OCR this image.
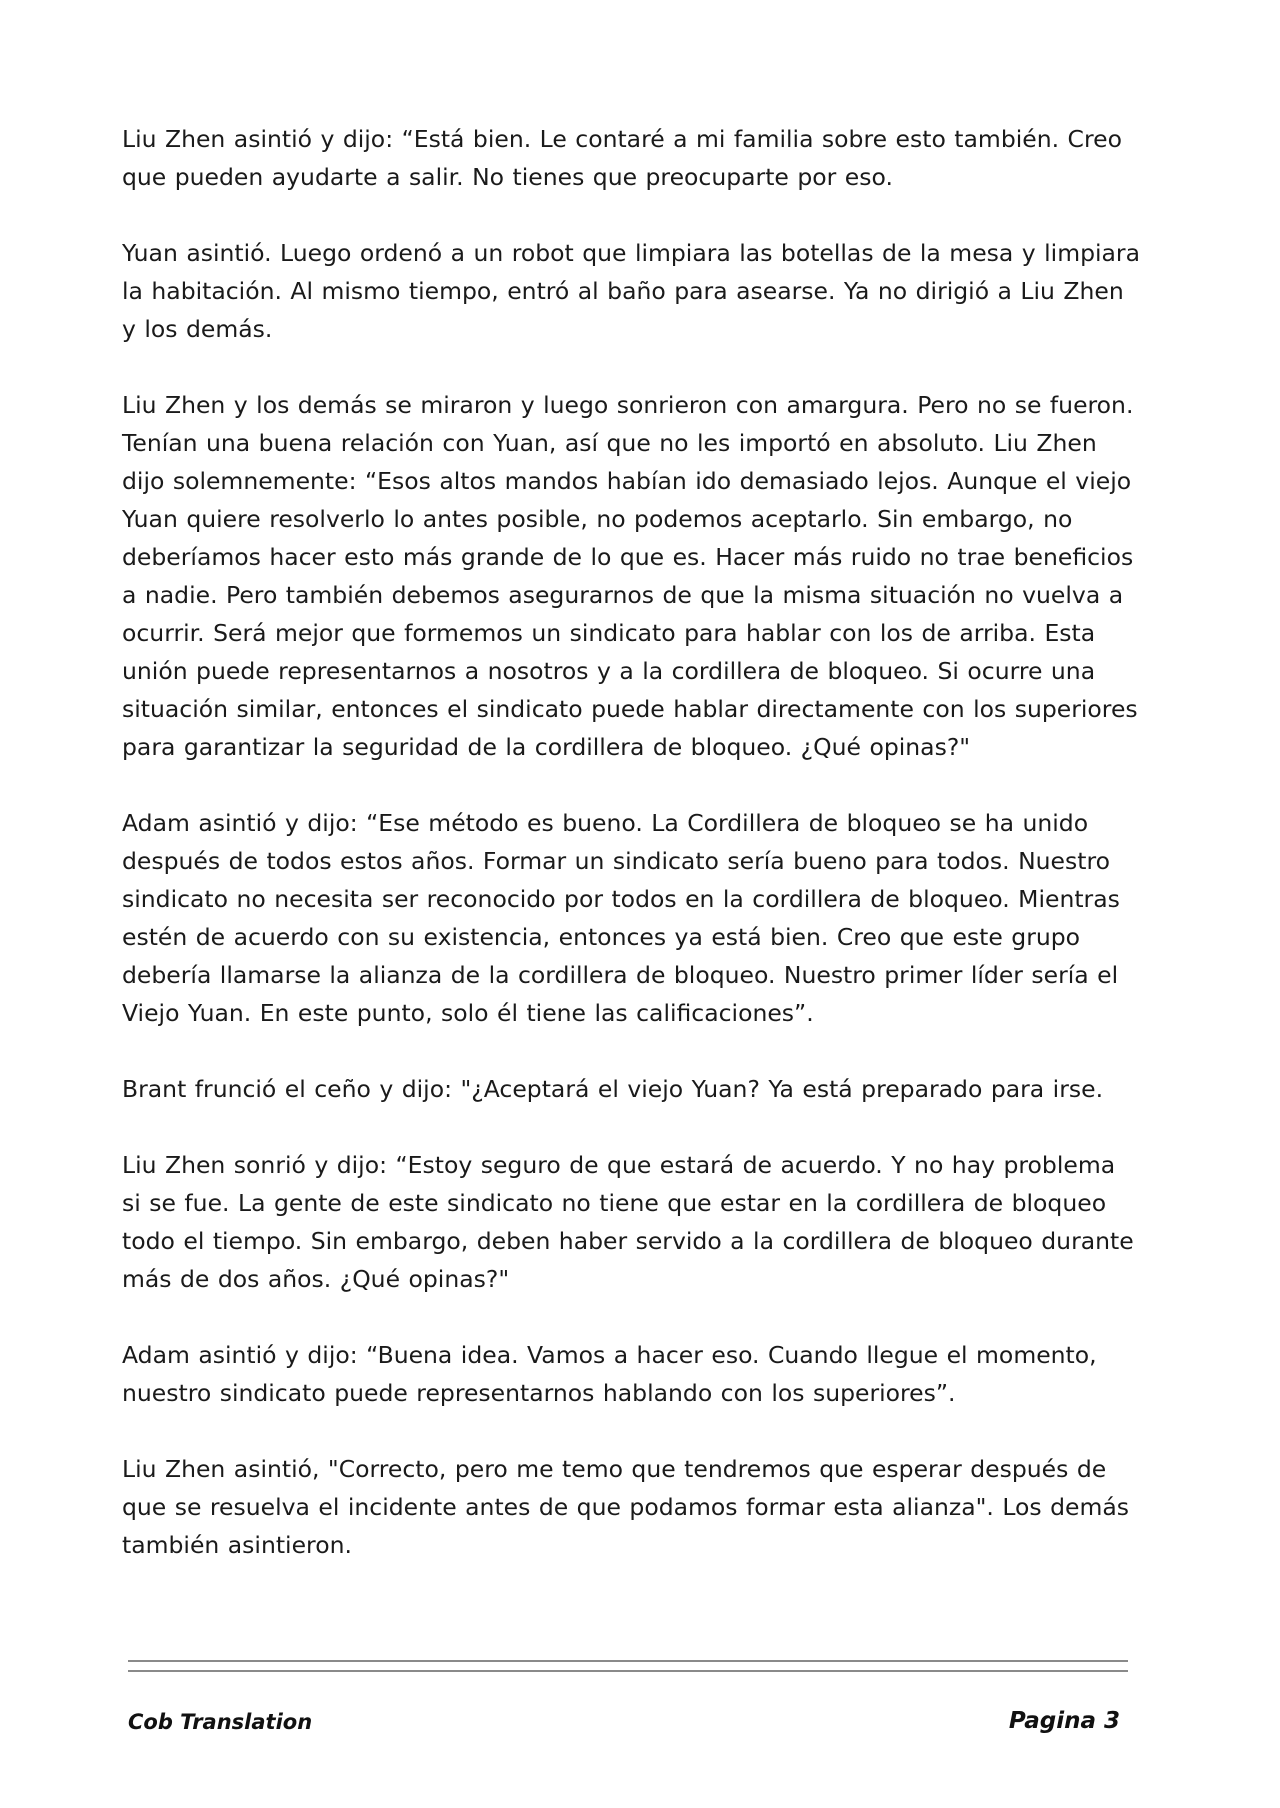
Liu Zhen asintió y dijo: “Está bien. Le contaré a mi familia sobre esto también. Creo que pueden ayudarte a salir. No tienes que preocuparte por eso.

Yuan asintió. Luego ordenó a un robot que limpiara las botellas de la mesa y limpiara la habitación. Al mismo tiempo, entró al baño para asearse. Ya no dirigió a Liu Zhen y los demás.

Liu Zhen y los demás se miraron y luego sonrieron con amargura. Pero no se fueron. Tenían una buena relación con Yuan, así que no les importó en absoluto. Liu Zhen dijo solemnemente: “Esos altos mandos habían ido demasiado lejos. Aunque el viejo Yuan quiere resolverlo lo antes posible, no podemos aceptarlo. Sin embargo, no deberíamos hacer esto más grande de lo que es. Hacer más ruido no trae beneficios a nadie. Pero también debemos asegurarnos de que la misma situación no vuelva a ocurrir. Será mejor que formemos un sindicato para hablar con los de arriba. Esta unión puede representarnos a nosotros y a la cordillera de bloqueo. Si ocurre una situación similar, entonces el sindicato puede hablar directamente con los superiores para garantizar la seguridad de la cordillera de bloqueo. ¿Qué opinas?"

Adam asintió y dijo: “Ese método es bueno. La Cordillera de bloqueo se ha unido después de todos estos años. Formar un sindicato sería bueno para todos. Nuestro sindicato no necesita ser reconocido por todos en la cordillera de bloqueo. Mientras estén de acuerdo con su existencia, entonces ya está bien. Creo que este grupo debería llamarse la alianza de la cordillera de bloqueo. Nuestro primer líder sería el Viejo Yuan. En este punto, solo él tiene las calificaciones”.

Brant frunció el ceño y dijo: "¿Aceptará el viejo Yuan? Ya está preparado para irse.

Liu Zhen sonrió y dijo: “Estoy seguro de que estará de acuerdo. Y no hay problema si se fue. La gente de este sindicato no tiene que estar en la cordillera de bloqueo todo el tiempo. Sin embargo, deben haber servido a la cordillera de bloqueo durante más de dos años. ¿Qué opinas?"

Adam asintió y dijo: “Buena idea. Vamos a hacer eso. Cuando llegue el momento, nuestro sindicato puede representarnos hablando con los superiores”.

Liu Zhen asintió, "Correcto, pero me temo que tendremos que esperar después de que se resuelva el incidente antes de que podamos formar esta alianza". Los demás también asintieron.

Cob Translation	Pagina 3
